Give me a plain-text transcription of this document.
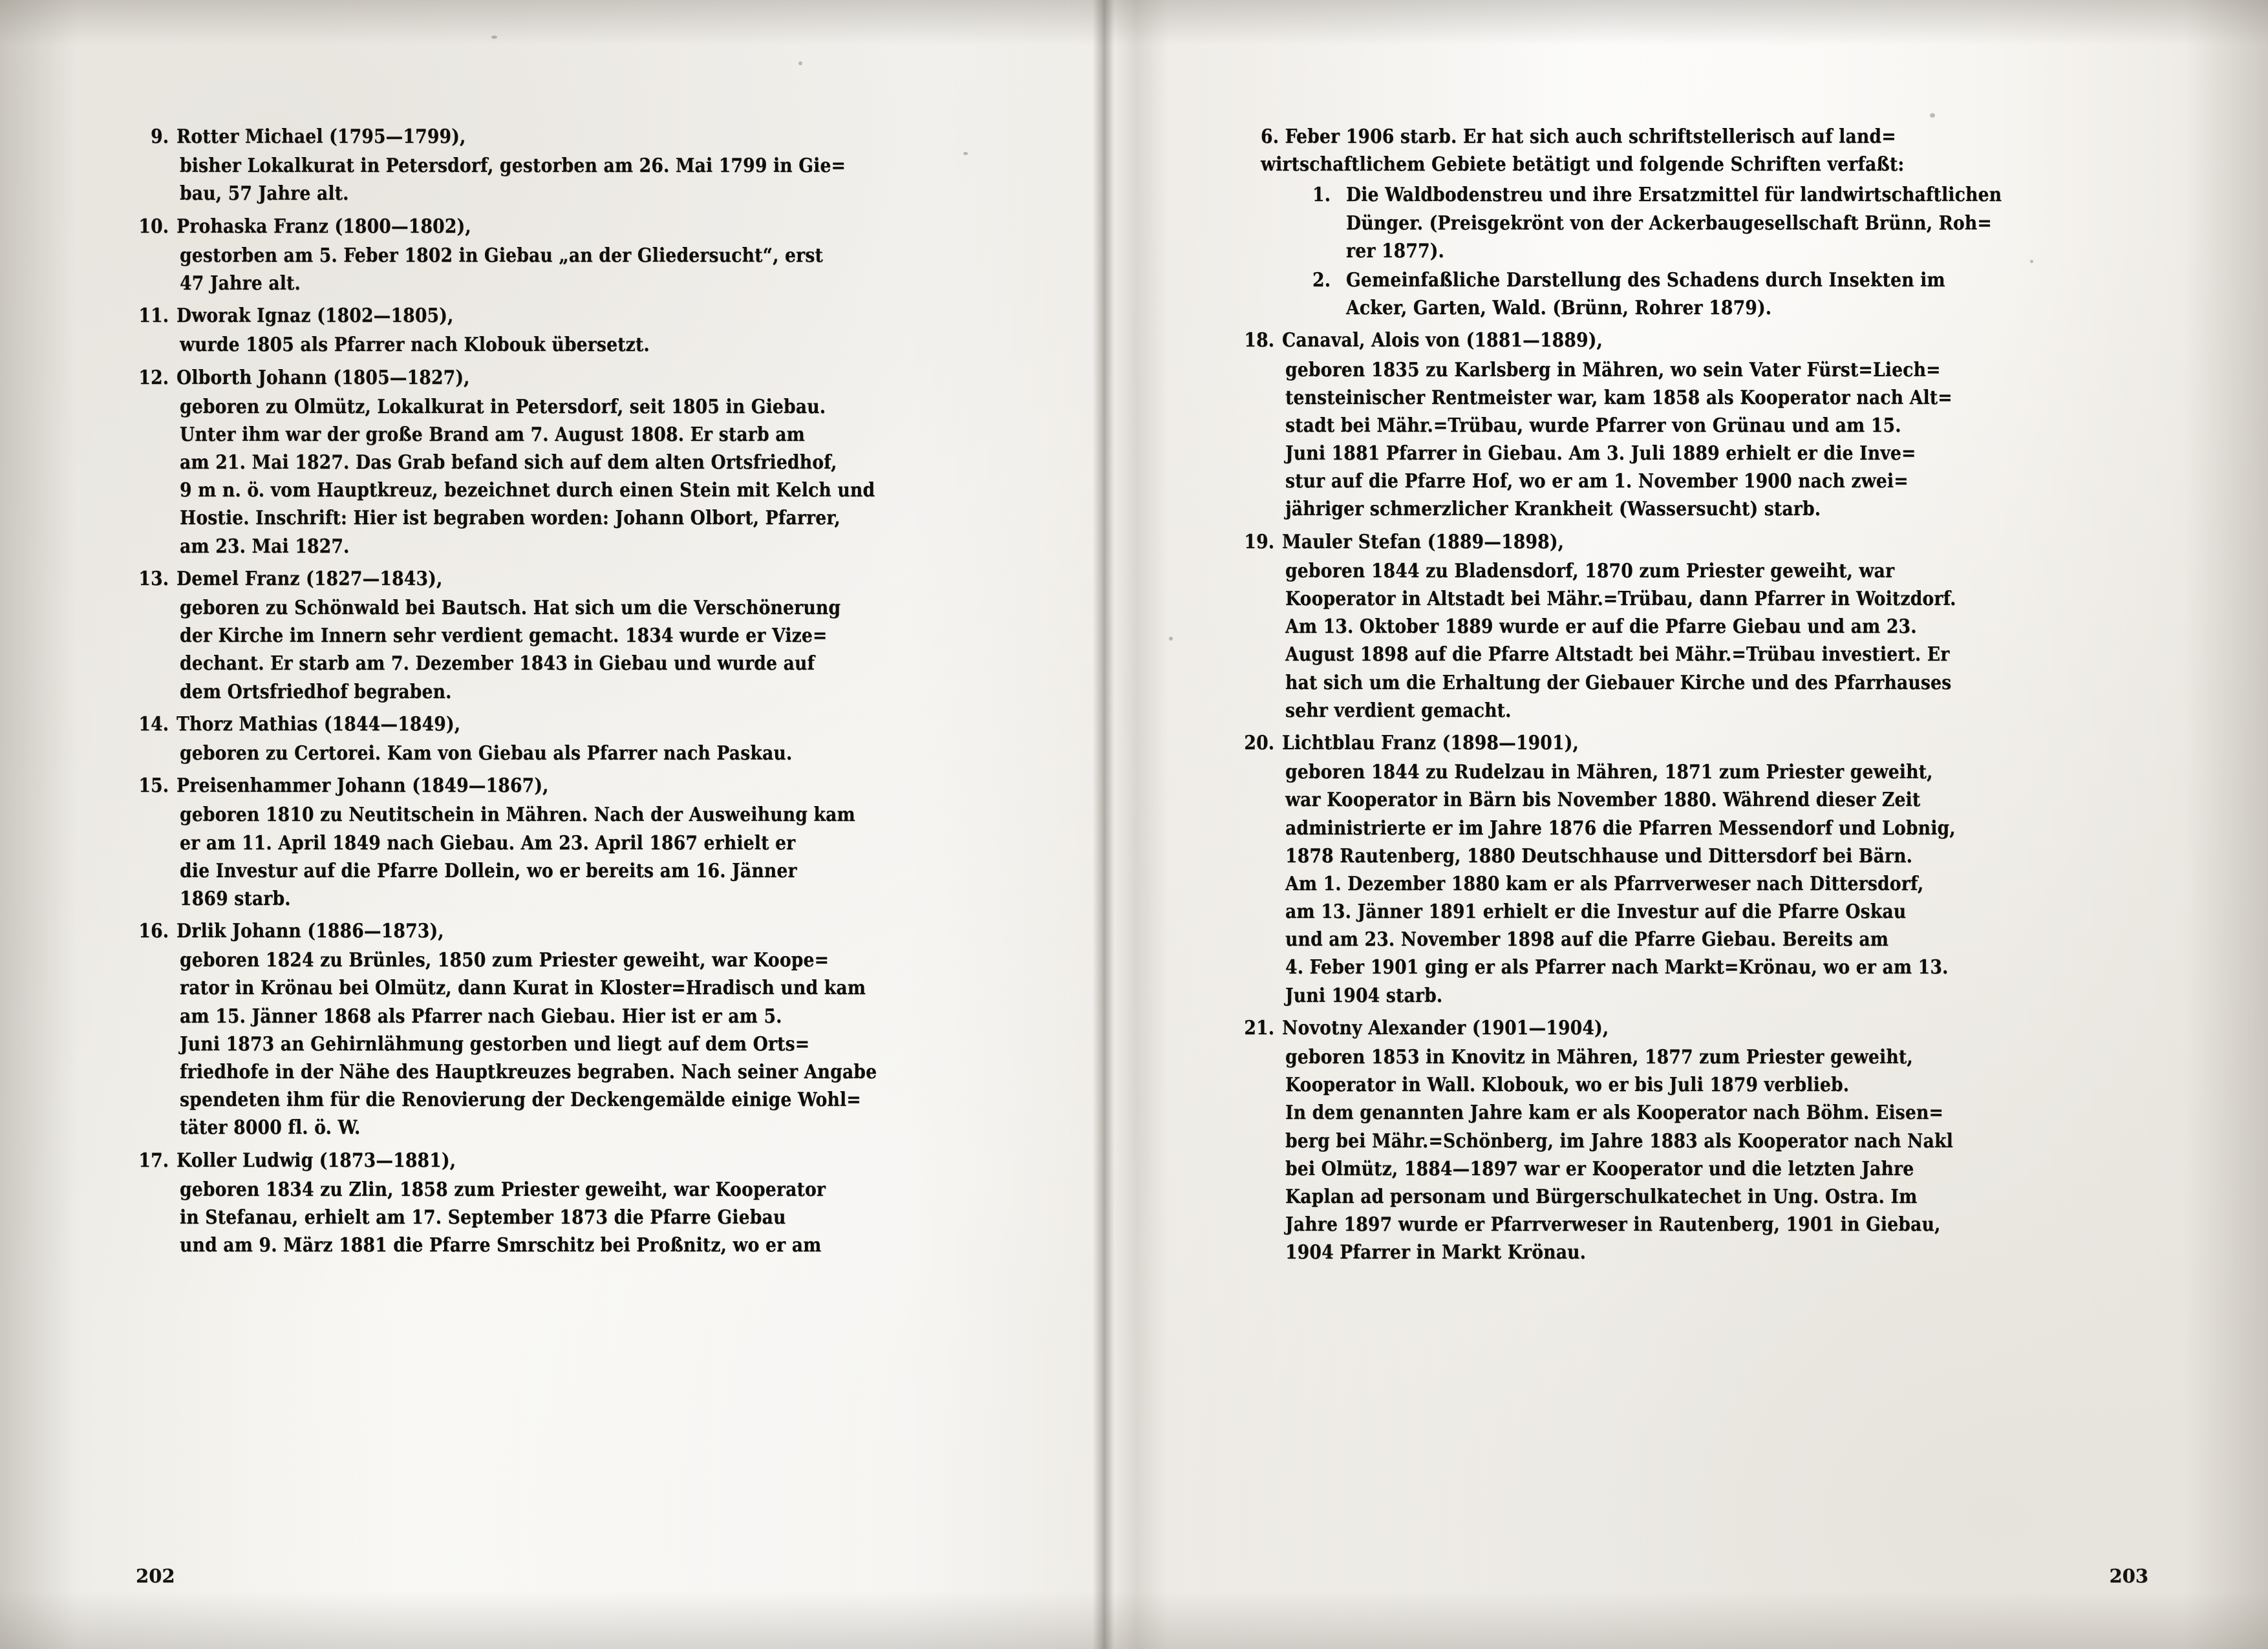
9. Rotter Michael (1795—1799),
bisher Lokalkurat in Petersdorf, gestorben am 26. Mai 1799 in Gie=
bau, 57 Jahre alt.
10. Prohaska Franz (1800—1802),
gestorben am 5. Feber 1802 in Giebau „an der Gliedersucht“, erst
47 Jahre alt.
11. Dworak Ignaz (1802—1805),
wurde 1805 als Pfarrer nach Klobouk übersetzt.
12. Olborth Johann (1805—1827),
geboren zu Olmütz, Lokalkurat in Petersdorf, seit 1805 in Giebau.
Unter ihm war der große Brand am 7. August 1808. Er starb am
am 21. Mai 1827. Das Grab befand sich auf dem alten Ortsfriedhof,
9 m n. ö. vom Hauptkreuz, bezeichnet durch einen Stein mit Kelch und
Hostie. Inschrift: Hier ist begraben worden: Johann Olbort, Pfarrer,
am 23. Mai 1827.
13. Demel Franz (1827—1843),
geboren zu Schönwald bei Bautsch. Hat sich um die Verschönerung
der Kirche im Innern sehr verdient gemacht. 1834 wurde er Vize=
dechant. Er starb am 7. Dezember 1843 in Giebau und wurde auf
dem Ortsfriedhof begraben.
14. Thorz Mathias (1844—1849),
geboren zu Certorei. Kam von Giebau als Pfarrer nach Paskau.
15. Preisenhammer Johann (1849—1867),
geboren 1810 zu Neutitschein in Mähren. Nach der Ausweihung kam
er am 11. April 1849 nach Giebau. Am 23. April 1867 erhielt er
die Investur auf die Pfarre Dollein, wo er bereits am 16. Jänner
1869 starb.
16. Drlik Johann (1886—1873),
geboren 1824 zu Brünles, 1850 zum Priester geweiht, war Koope=
rator in Krönau bei Olmütz, dann Kurat in Kloster=Hradisch und kam
am 15. Jänner 1868 als Pfarrer nach Giebau. Hier ist er am 5.
Juni 1873 an Gehirnlähmung gestorben und liegt auf dem Orts=
friedhofe in der Nähe des Hauptkreuzes begraben. Nach seiner Angabe
spendeten ihm für die Renovierung der Deckengemälde einige Wohl=
täter 8000 fl. ö. W.
17. Koller Ludwig (1873—1881),
geboren 1834 zu Zlin, 1858 zum Priester geweiht, war Kooperator
in Stefanau, erhielt am 17. September 1873 die Pfarre Giebau
und am 9. März 1881 die Pfarre Smrschitz bei Proßnitz, wo er am
202
6. Feber 1906 starb. Er hat sich auch schriftstellerisch auf land=
wirtschaftlichem Gebiete betätigt und folgende Schriften verfaßt:
1. Die Waldbodenstreu und ihre Ersatzmittel für landwirtschaftlichen
Dünger. (Preisgekrönt von der Ackerbaugesellschaft Brünn, Roh=
rer 1877).
2. Gemeinfaßliche Darstellung des Schadens durch Insekten im
Acker, Garten, Wald. (Brünn, Rohrer 1879).
18. Canaval, Alois von (1881—1889),
geboren 1835 zu Karlsberg in Mähren, wo sein Vater Fürst=Liech=
tensteinischer Rentmeister war, kam 1858 als Kooperator nach Alt=
stadt bei Mähr.=Trübau, wurde Pfarrer von Grünau und am 15.
Juni 1881 Pfarrer in Giebau. Am 3. Juli 1889 erhielt er die Inve=
stur auf die Pfarre Hof, wo er am 1. November 1900 nach zwei=
jähriger schmerzlicher Krankheit (Wassersucht) starb.
19. Mauler Stefan (1889—1898),
geboren 1844 zu Bladensdorf, 1870 zum Priester geweiht, war
Kooperator in Altstadt bei Mähr.=Trübau, dann Pfarrer in Woitzdorf.
Am 13. Oktober 1889 wurde er auf die Pfarre Giebau und am 23.
August 1898 auf die Pfarre Altstadt bei Mähr.=Trübau investiert. Er
hat sich um die Erhaltung der Giebauer Kirche und des Pfarrhauses
sehr verdient gemacht.
20. Lichtblau Franz (1898—1901),
geboren 1844 zu Rudelzau in Mähren, 1871 zum Priester geweiht,
war Kooperator in Bärn bis November 1880. Während dieser Zeit
administrierte er im Jahre 1876 die Pfarren Messendorf und Lobnig,
1878 Rautenberg, 1880 Deutschhause und Dittersdorf bei Bärn.
Am 1. Dezember 1880 kam er als Pfarrverweser nach Dittersdorf,
am 13. Jänner 1891 erhielt er die Investur auf die Pfarre Oskau
und am 23. November 1898 auf die Pfarre Giebau. Bereits am
4. Feber 1901 ging er als Pfarrer nach Markt=Krönau, wo er am 13.
Juni 1904 starb.
21. Novotny Alexander (1901—1904),
geboren 1853 in Knovitz in Mähren, 1877 zum Priester geweiht,
Kooperator in Wall. Klobouk, wo er bis Juli 1879 verblieb.
In dem genannten Jahre kam er als Kooperator nach Böhm. Eisen=
berg bei Mähr.=Schönberg, im Jahre 1883 als Kooperator nach Nakl
bei Olmütz, 1884—1897 war er Kooperator und die letzten Jahre
Kaplan ad personam und Bürgerschulkatechet in Ung. Ostra. Im
Jahre 1897 wurde er Pfarrverweser in Rautenberg, 1901 in Giebau,
1904 Pfarrer in Markt Krönau.
203
